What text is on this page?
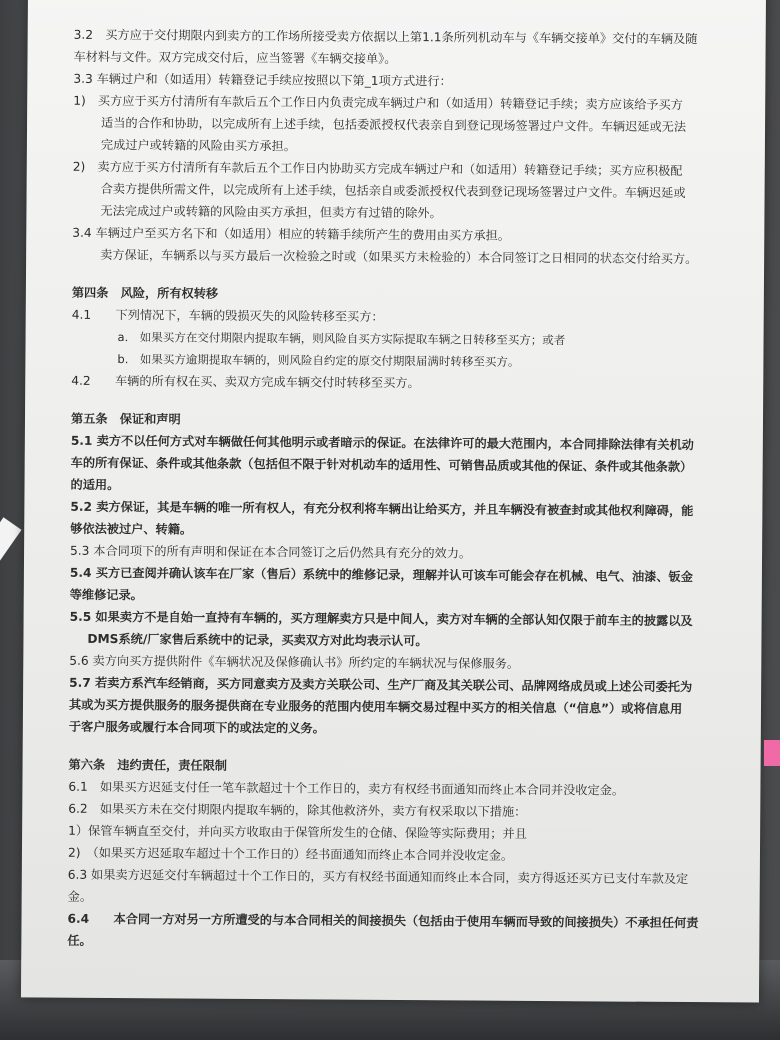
3.2　买方应于交付期限内到卖方的工作场所接受卖方依据以上第1.1条所列机动车与《车辆交接单》交付的车辆及随
车材料与文件。双方完成交付后，应当签署《车辆交接单》。
3.3 车辆过户和（如适用）转籍登记手续应按照以下第_1项方式进行：
1)　买方应于买方付清所有车款后五个工作日内负责完成车辆过户和（如适用）转籍登记手续；卖方应该给予买方
适当的合作和协助，以完成所有上述手续，包括委派授权代表亲自到登记现场签署过户文件。车辆迟延或无法
完成过户或转籍的风险由买方承担。
2)　卖方应于买方付清所有车款后五个工作日内协助买方完成车辆过户和（如适用）转籍登记手续；买方应积极配
合卖方提供所需文件，以完成所有上述手续，包括亲自或委派授权代表到登记现场签署过户文件。车辆迟延或
无法完成过户或转籍的风险由买方承担，但卖方有过错的除外。
3.4 车辆过户至买方名下和（如适用）相应的转籍手续所产生的费用由买方承担。
卖方保证，车辆系以与买方最后一次检验之时或（如果买方未检验的）本合同签订之日相同的状态交付给买方。
第四条　风险，所有权转移
4.1　　下列情况下，车辆的毁损灭失的风险转移至买方：
a.　如果买方在交付期限内提取车辆，则风险自买方实际提取车辆之日转移至买方；或者
b.　如果买方逾期提取车辆的，则风险自约定的原交付期限届满时转移至买方。
4.2　　车辆的所有权在买、卖双方完成车辆交付时转移至买方。
第五条　保证和声明
5.1 卖方不以任何方式对车辆做任何其他明示或者暗示的保证。在法律许可的最大范围内，本合同排除法律有关机动
车的所有保证、条件或其他条款（包括但不限于针对机动车的适用性、可销售品质或其他的保证、条件或其他条款）
的适用。
5.2 卖方保证，其是车辆的唯一所有权人，有充分权利将车辆出让给买方，并且车辆没有被查封或其他权利障碍，能
够依法被过户、转籍。
5.3 本合同项下的所有声明和保证在本合同签订之后仍然具有充分的效力。
5.4 买方已查阅并确认该车在厂家（售后）系统中的维修记录，理解并认可该车可能会存在机械、电气、油漆、钣金
等维修记录。
5.5 如果卖方不是自始一直持有车辆的，买方理解卖方只是中间人，卖方对车辆的全部认知仅限于前车主的披露以及
DMS系统/厂家售后系统中的记录，买卖双方对此均表示认可。
5.6 卖方向买方提供附件《车辆状况及保修确认书》所约定的车辆状况与保修服务。
5.7 若卖方系汽车经销商，买方同意卖方及卖方关联公司、生产厂商及其关联公司、品牌网络成员或上述公司委托为
其或为买方提供服务的服务提供商在专业服务的范围内使用车辆交易过程中买方的相关信息（“信息”）或将信息用
于客户服务或履行本合同项下的或法定的义务。
第六条　违约责任，责任限制
6.1　如果买方迟延支付任一笔车款超过十个工作日的，卖方有权经书面通知而终止本合同并没收定金。
6.2　如果买方未在交付期限内提取车辆的，除其他救济外，卖方有权采取以下措施：
1）保管车辆直至交付，并向买方收取由于保管所发生的仓储、保险等实际费用；并且
2)　（如果买方迟延取车超过十个工作日的）经书面通知而终止本合同并没收定金。
6.3 如果卖方迟延交付车辆超过十个工作日的，买方有权经书面通知而终止本合同，卖方得返还买方已支付车款及定
金。
6.4　　本合同一方对另一方所遭受的与本合同相关的间接损失（包括由于使用车辆而导致的间接损失）不承担任何责
任。
